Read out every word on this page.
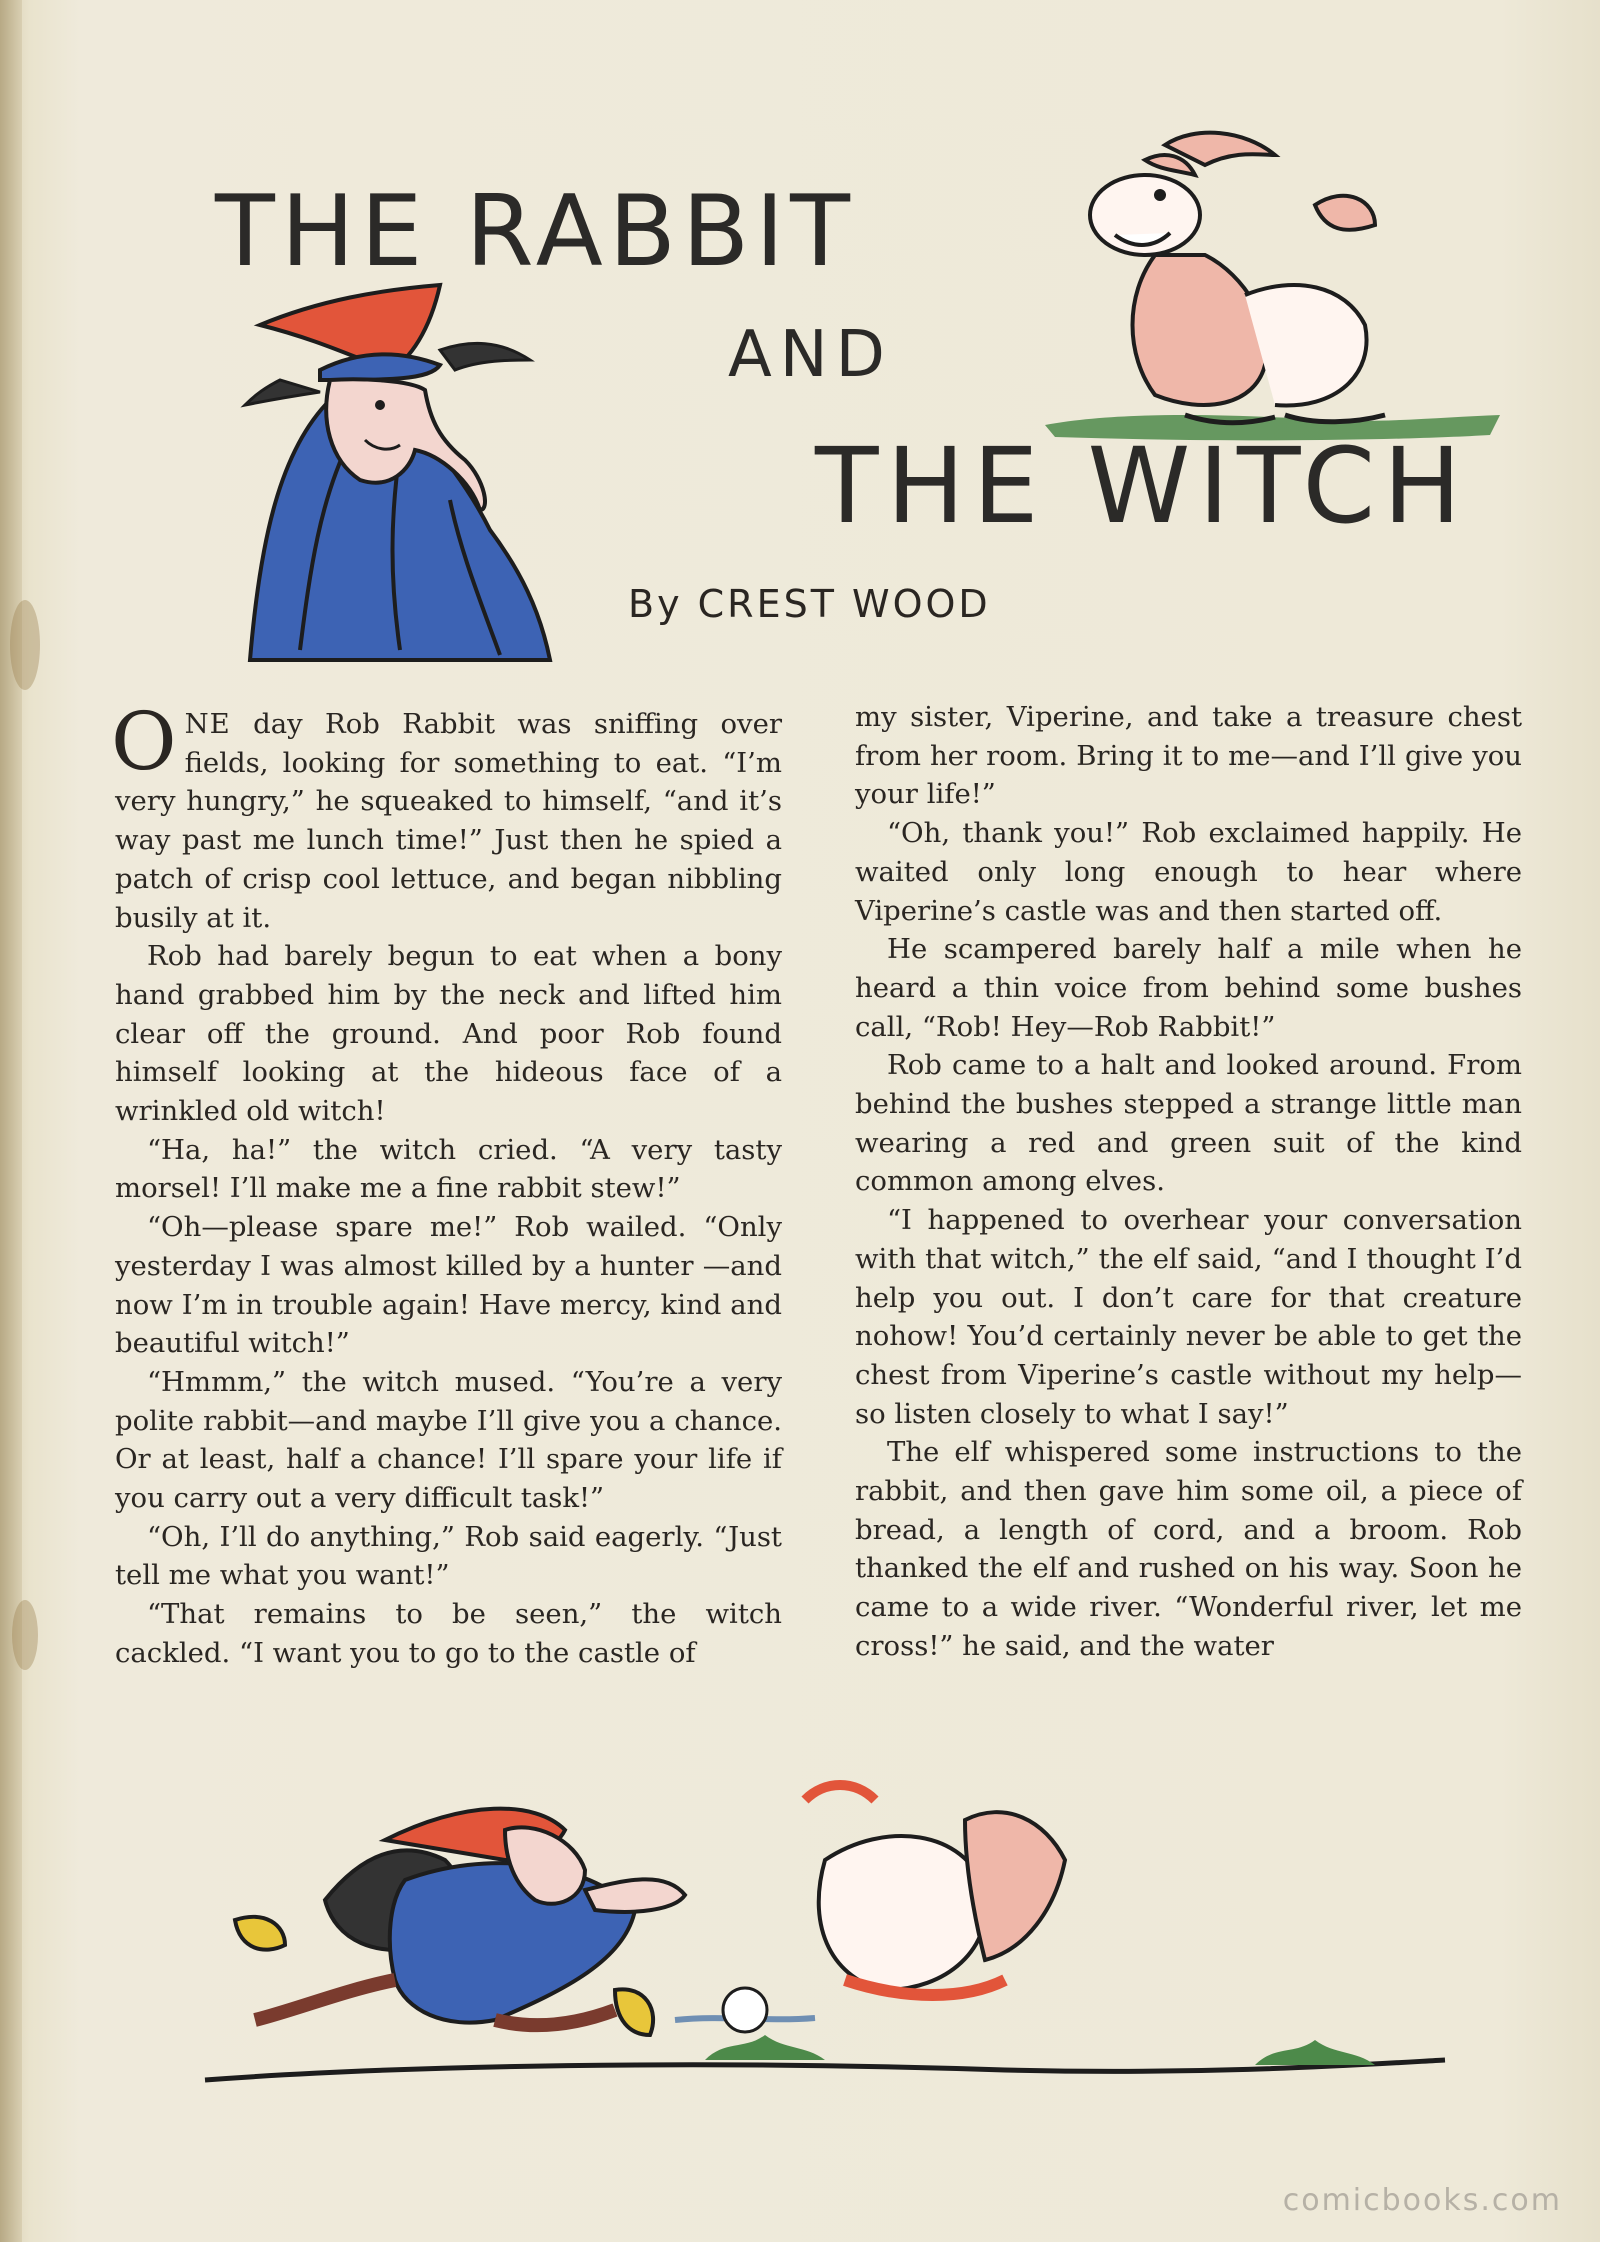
THE RABBIT
AND
THE WITCH
By CREST WOOD

ONE day Rob Rabbit was sniffing over fields, looking for something to eat. “I’m very hungry,” he squeaked to himself, “and it’s way past me lunch time!” Just then he spied a patch of crisp cool lettuce, and began nibbling busily at it.

Rob had barely begun to eat when a bony hand grabbed him by the neck and lifted him clear off the ground. And poor Rob found himself looking at the hideous face of a wrinkled old witch!

“Ha, ha!” the witch cried. “A very tasty morsel! I’ll make me a fine rabbit stew!”

“Oh—please spare me!” Rob wailed. “Only yesterday I was almost killed by a hunter —and now I’m in trouble again! Have mercy, kind and beautiful witch!”

“Hmmm,” the witch mused. “You’re a very polite rabbit—and maybe I’ll give you a chance. Or at least, half a chance! I’ll spare your life if you carry out a very difficult task!”

“Oh, I’ll do anything,” Rob said eagerly. “Just tell me what you want!”

“That remains to be seen,” the witch cackled. “I want you to go to the castle of

my sister, Viperine, and take a treasure chest from her room. Bring it to me—and I’ll give you your life!”

“Oh, thank you!” Rob exclaimed happily. He waited only long enough to hear where Viperine’s castle was and then started off.

He scampered barely half a mile when he heard a thin voice from behind some bushes call, “Rob! Hey—Rob Rabbit!”

Rob came to a halt and looked around. From behind the bushes stepped a strange little man wearing a red and green suit of the kind common among elves.

“I happened to overhear your conversation with that witch,” the elf said, “and I thought I’d help you out. I don’t care for that creature nohow! You’d certainly never be able to get the chest from Viperine’s castle without my help—so listen closely to what I say!”

The elf whispered some instructions to the rabbit, and then gave him some oil, a piece of bread, a length of cord, and a broom. Rob thanked the elf and rushed on his way. Soon he came to a wide river. “Wonderful river, let me cross!” he said, and the water

comicbooks.com
